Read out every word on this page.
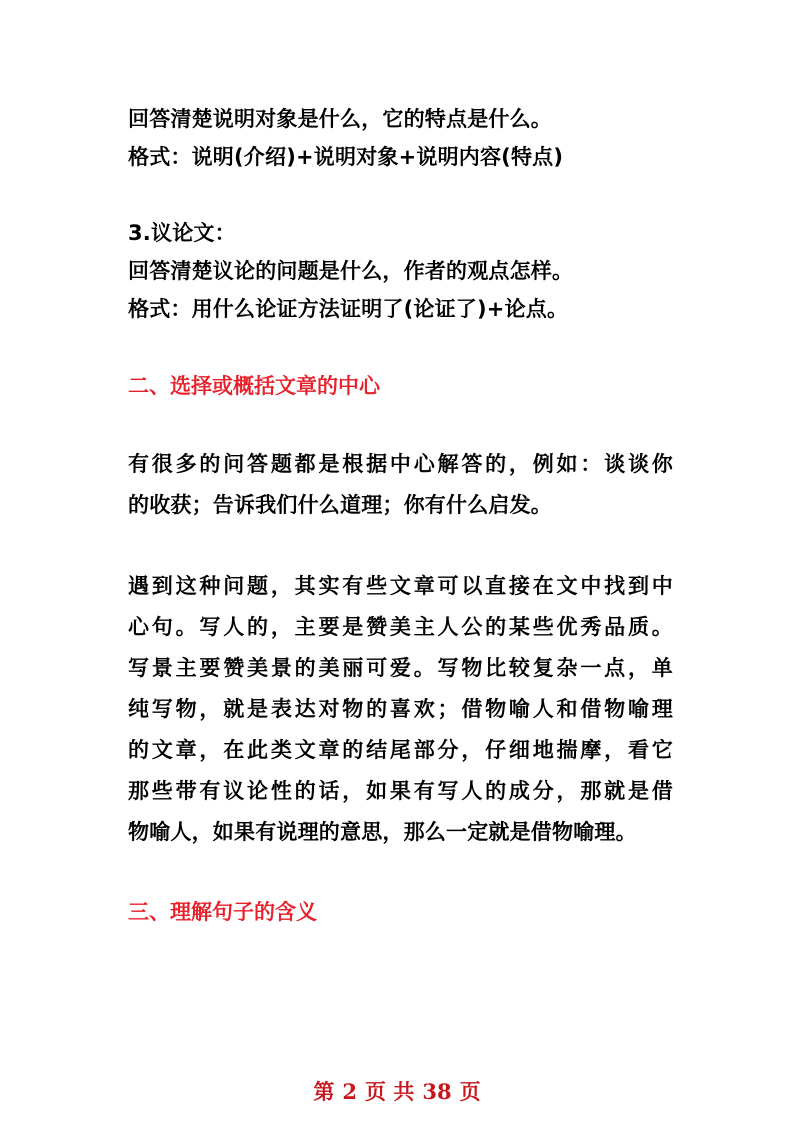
回答清楚说明对象是什么，它的特点是什么。
格式：说明(介绍)+说明对象+说明内容(特点)
3.议论文：
回答清楚议论的问题是什么，作者的观点怎样。
格式：用什么论证方法证明了(论证了)+论点。
二、选择或概括文章的中心
有很多的问答题都是根据中心解答的，例如：谈谈你
的收获；告诉我们什么道理；你有什么启发。
遇到这种问题，其实有些文章可以直接在文中找到中
心句。写人的，主要是赞美主人公的某些优秀品质。
写景主要赞美景的美丽可爱。写物比较复杂一点，单
纯写物，就是表达对物的喜欢；借物喻人和借物喻理
的文章，在此类文章的结尾部分，仔细地揣摩，看它
那些带有议论性的话，如果有写人的成分，那就是借
物喻人，如果有说理的意思，那么一定就是借物喻理。
三、理解句子的含义
第 2 页 共 38 页
